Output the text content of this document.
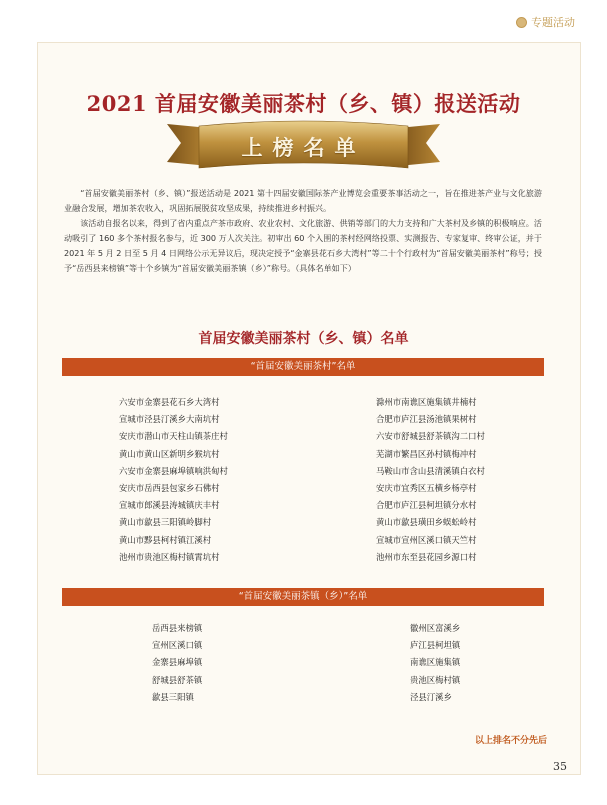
专题活动
2021 首届安徽美丽茶村（乡、镇）报送活动
上榜名单

“首届安徽美丽茶村（乡、镇）”报送活动是 2021 第十四届安徽国际茶产业博览会重要茶事活动之一，旨在推进茶产业与文化旅游业融合发展，增加茶农收入，巩固拓展脱贫攻坚成果，持续推进乡村振兴。

该活动自报名以来，得到了省内重点产茶市政府、农业农村、文化旅游、供销等部门的大力支持和广大茶村及乡镇的积极响应。活动吸引了 160 多个茶村报名参与，近 300 万人次关注。初审出 60 个入围的茶村经网络投票、实测报告、专家复审、终审公证，并于 2021 年 5 月 2 日至 5 月 4 日网络公示无异议后，现决定授予“金寨县花石乡大湾村”等二十个行政村为“首届安徽美丽茶村”称号；授予“岳西县来榜镇”等十个乡镇为“首届安徽美丽茶镇（乡）”称号。（具体名单如下）

首届安徽美丽茶村（乡、镇）名单
“首届安徽美丽茶村”名单
六安市金寨县花石乡大湾村
宣城市泾县汀溪乡大南坑村
安庆市潜山市天柱山镇茶庄村
黄山市黄山区新明乡猴坑村
六安市金寨县麻埠镇响洪甸村
安庆市岳西县包家乡石佛村
宣城市郎溪县涛城镇庆丰村
黄山市歙县三阳镇岭脚村
黄山市黟县柯村镇江溪村
池州市贵池区梅村镇霄坑村
滁州市南谯区施集镇井楠村
合肥市庐江县汤池镇果树村
六安市舒城县舒茶镇沟二口村
芜湖市繁昌区孙村镇梅冲村
马鞍山市含山县清溪镇白衣村
安庆市宜秀区五横乡杨亭村
合肥市庐江县柯坦镇分水村
黄山市歙县璜田乡蜈蚣岭村
宣城市宣州区溪口镇天竺村
池州市东至县花园乡源口村
“首届安徽美丽茶镇（乡）”名单
岳西县来榜镇
宣州区溪口镇
金寨县麻埠镇
舒城县舒茶镇
歙县三阳镇
徽州区富溪乡
庐江县柯坦镇
南谯区施集镇
贵池区梅村镇
泾县汀溪乡
以上排名不分先后
35
